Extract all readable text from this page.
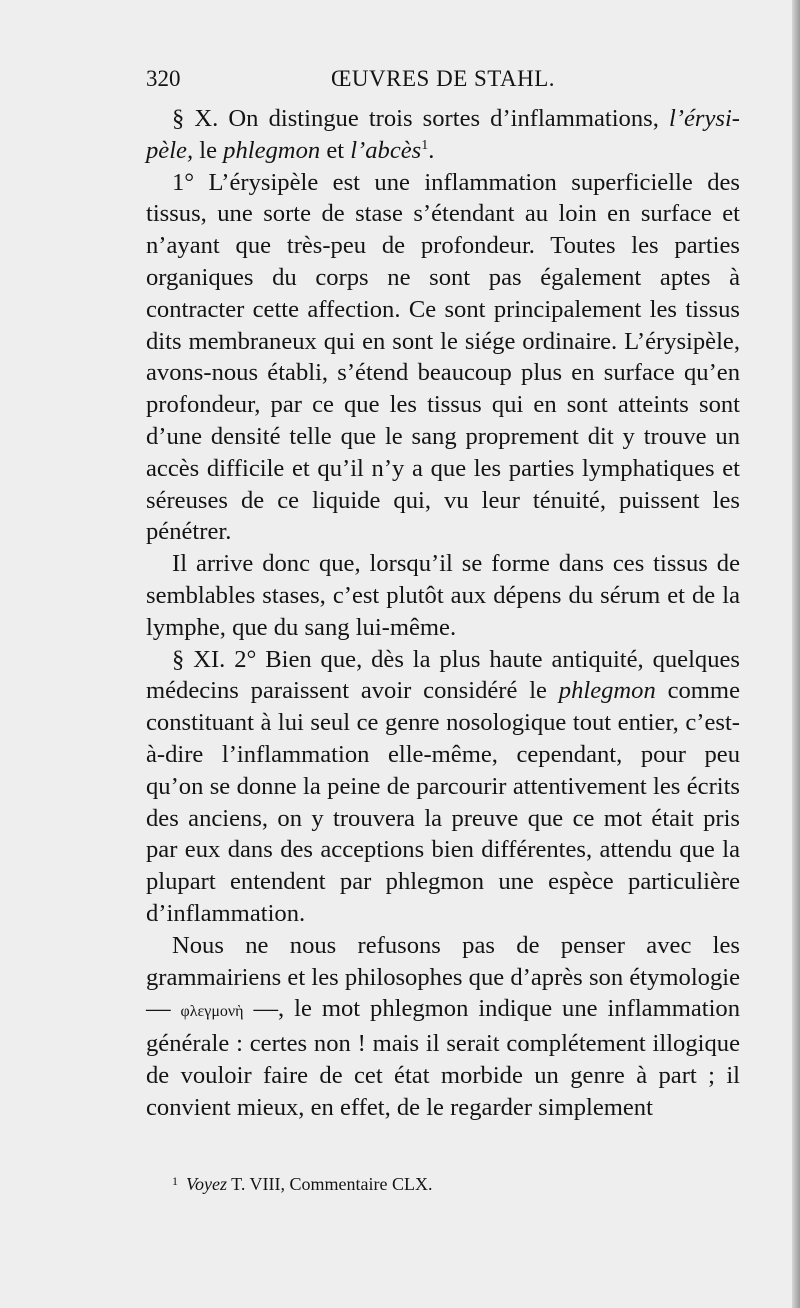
320	ŒUVRES DE STAHL.

§ X. On distingue trois sortes d’inflammations, l’érysi-pèle, le phlegmon et l’abcès$^1$.

1° L’érysipèle est une inflammation superficielle des tissus, une sorte de stase s’étendant au loin en surface et n’ayant que très-peu de profondeur. Toutes les parties organiques du corps ne sont pas également aptes à contracter cette affection. Ce sont principalement les tissus dits membraneux qui en sont le siége ordinaire. L’érysipèle, avons-nous établi, s’étend beaucoup plus en surface qu’en profondeur, par ce que les tissus qui en sont atteints sont d’une densité telle que le sang proprement dit y trouve un accès difficile et qu’il n’y a que les parties lymphatiques et séreuses de ce liquide qui, vu leur ténuité, puissent les pénétrer.

Il arrive donc que, lorsqu’il se forme dans ces tissus de semblables stases, c’est plutôt aux dépens du sérum et de la lymphe, que du sang lui-même.

§ XI. 2° Bien que, dès la plus haute antiquité, quelques médecins paraissent avoir considéré le phlegmon comme constituant à lui seul ce genre nosologique tout entier, c’est-à-dire l’inflammation elle-même, cependant, pour peu qu’on se donne la peine de parcourir attentivement les écrits des anciens, on y trouvera la preuve que ce mot était pris par eux dans des acceptions bien différentes, attendu que la plupart entendent par phlegmon une espèce particulière d’inflammation.

Nous ne nous refusons pas de penser avec les grammairiens et les philosophes que d’après son étymologie — φλεγμονὴ —, le mot phlegmon indique une inflammation générale : certes non ! mais il serait complétement illogique de vouloir faire de cet état morbide un genre à part ; il convient mieux, en effet, de le regarder simplement

$^1$ Voyez T. VIII, Commentaire CLX.
